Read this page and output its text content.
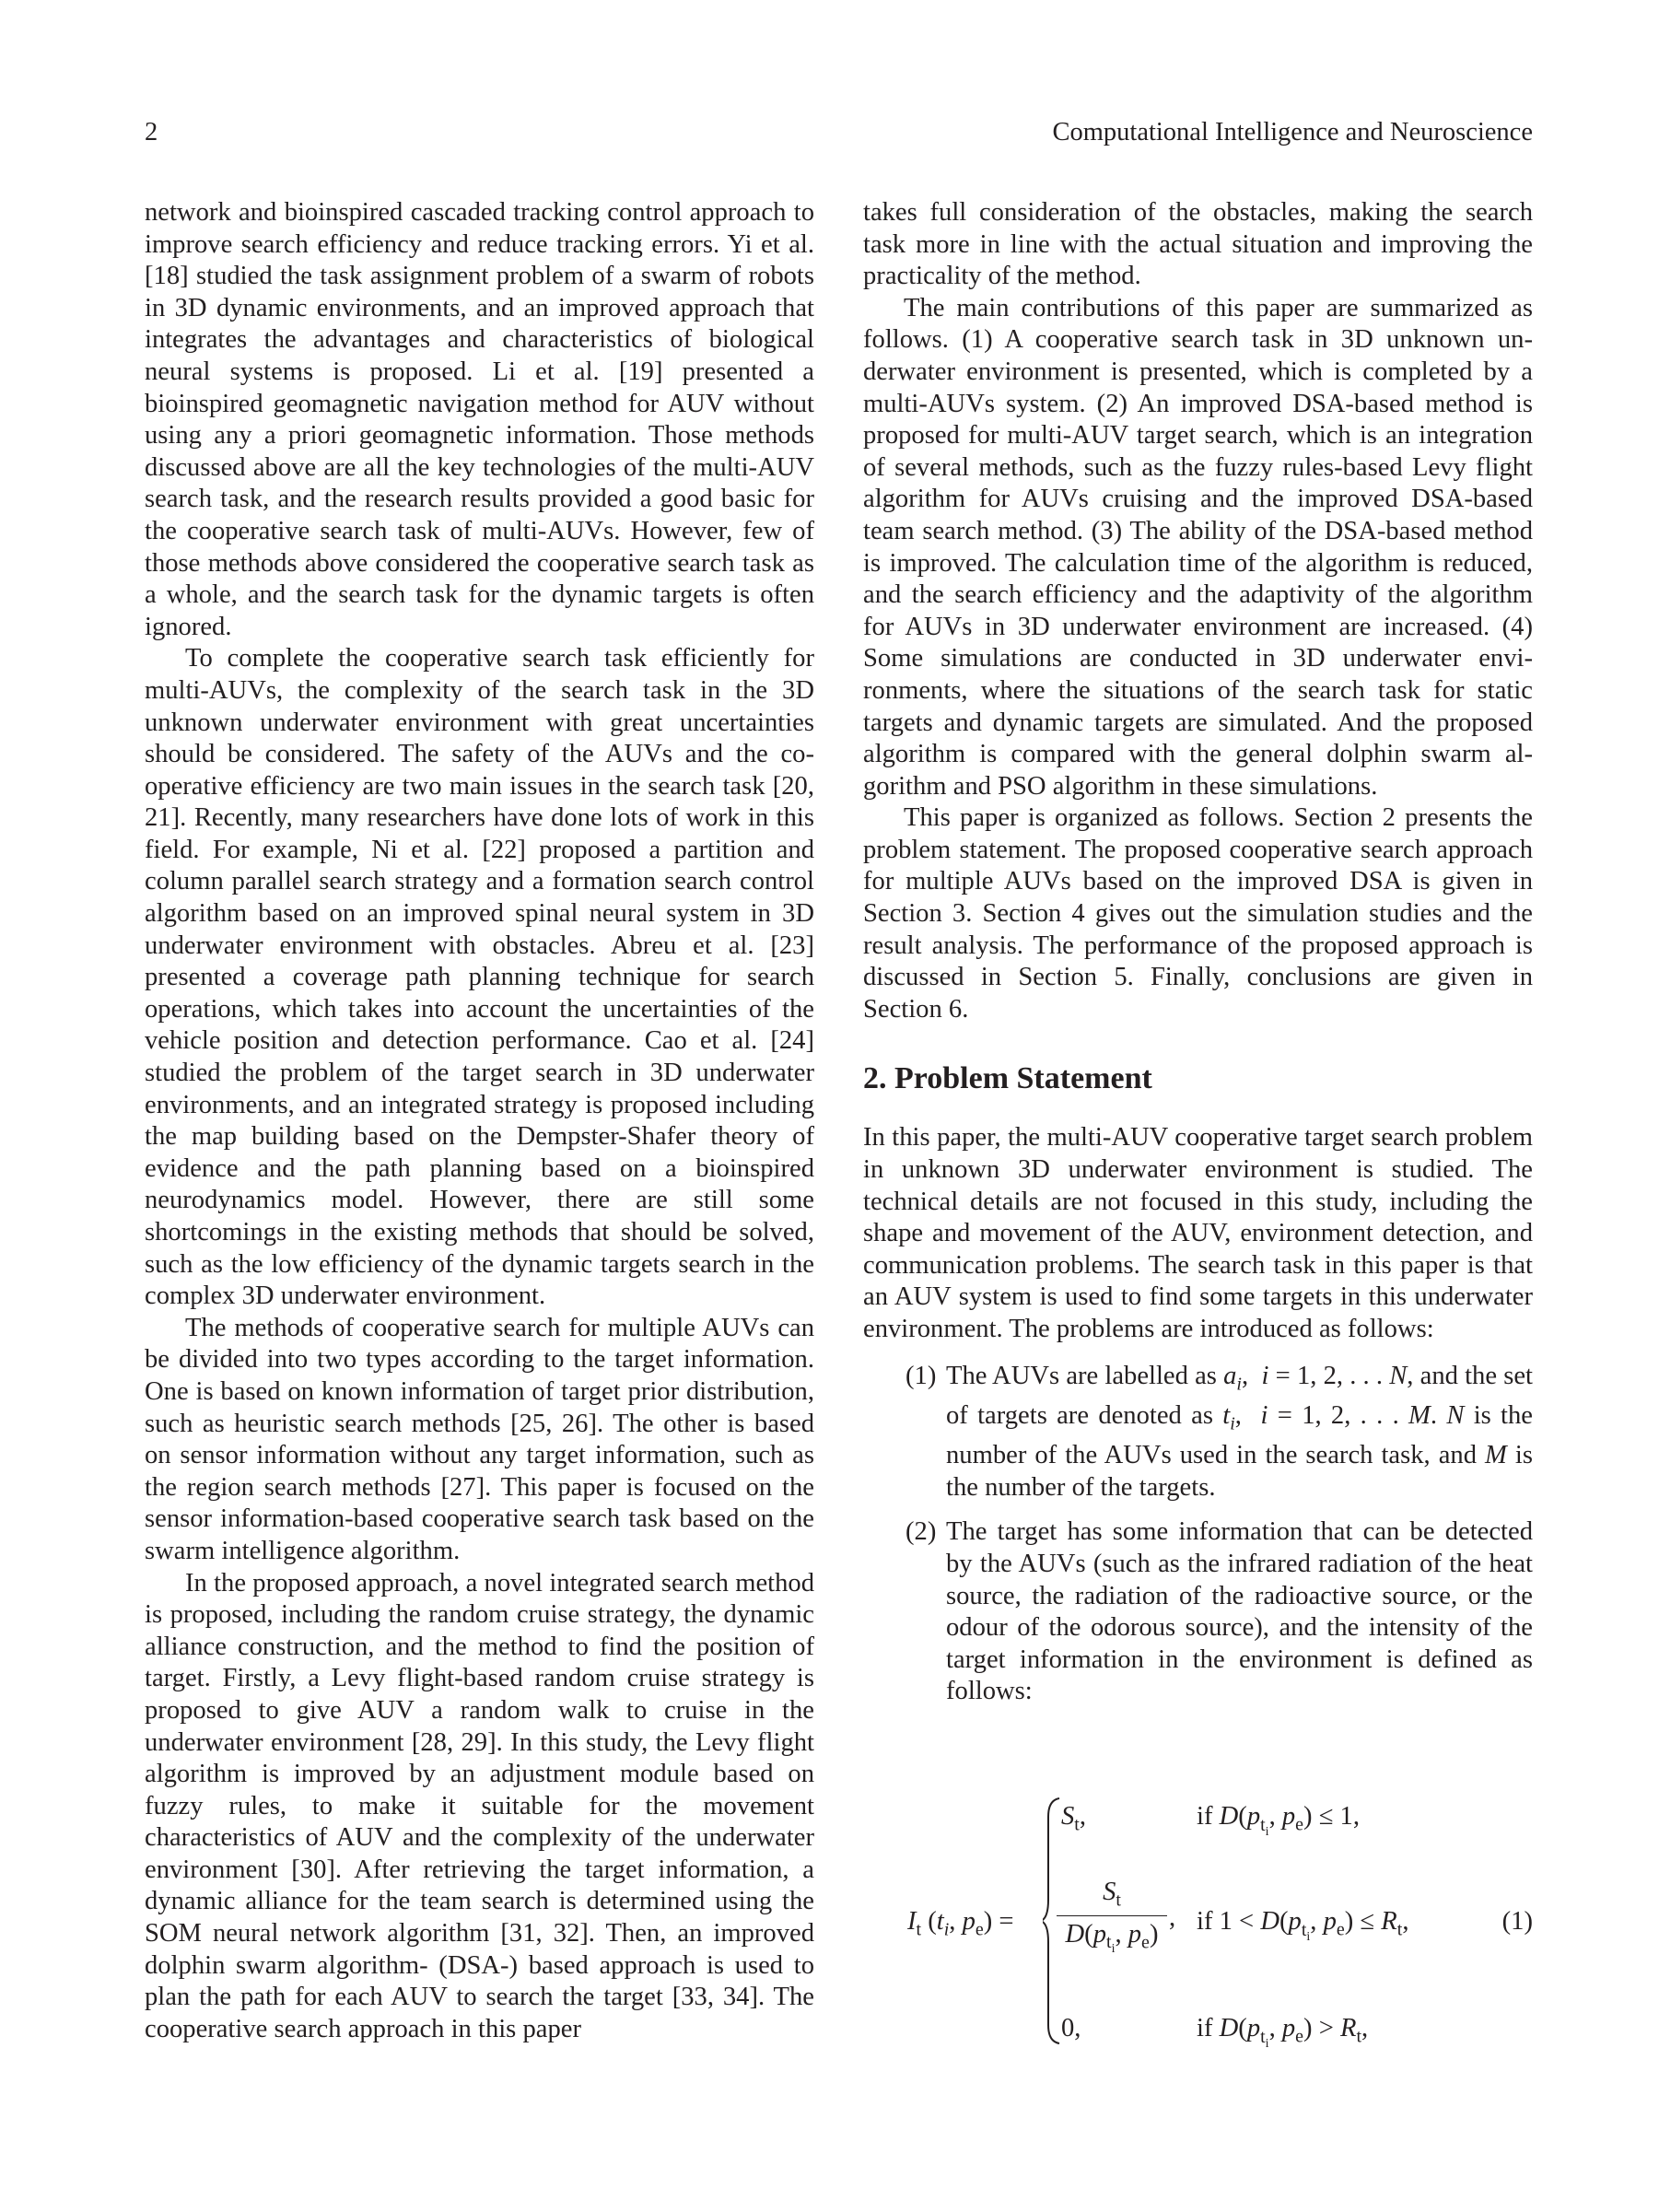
2	Computational Intelligence and Neuroscience

network and bioinspired cascaded tracking control approach to improve search efficiency and reduce tracking errors. Yi et al. [18] studied the task assignment problem of a swarm of robots in 3D dynamic environments, and an improved approach that integrates the advantages and characteristics of biological neural systems is proposed. Li et al. [19] presented a bioinspired geomagnetic navigation method for AUV without using any a priori geomagnetic information. Those methods discussed above are all the key technologies of the multi-AUV search task, and the research results provided a good basic for the cooperative search task of multi-AUVs. However, few of those methods above considered the cooperative search task as a whole, and the search task for the dynamic targets is often ignored.

To complete the cooperative search task efficiently for multi-AUVs, the complexity of the search task in the 3D unknown underwater environment with great uncertainties should be considered. The safety of the AUVs and the cooperative efficiency are two main issues in the search task [20, 21]. Recently, many researchers have done lots of work in this field. For example, Ni et al. [22] proposed a partition and column parallel search strategy and a formation search control algorithm based on an improved spinal neural system in 3D underwater environment with obstacles. Abreu et al. [23] presented a coverage path planning technique for search operations, which takes into account the uncertainties of the vehicle position and detection performance. Cao et al. [24] studied the problem of the target search in 3D underwater environments, and an integrated strategy is proposed including the map building based on the Dempster-Shafer theory of evidence and the path planning based on a bioinspired neurodynamics model. However, there are still some shortcomings in the existing methods that should be solved, such as the low efficiency of the dynamic targets search in the complex 3D underwater environment.

The methods of cooperative search for multiple AUVs can be divided into two types according to the target information. One is based on known information of target prior distribution, such as heuristic search methods [25, 26]. The other is based on sensor information without any target information, such as the region search methods [27]. This paper is focused on the sensor information-based cooperative search task based on the swarm intelligence algorithm.

In the proposed approach, a novel integrated search method is proposed, including the random cruise strategy, the dynamic alliance construction, and the method to find the position of target. Firstly, a Levy flight-based random cruise strategy is proposed to give AUV a random walk to cruise in the underwater environment [28, 29]. In this study, the Levy flight algorithm is improved by an adjustment module based on fuzzy rules, to make it suitable for the movement characteristics of AUV and the complexity of the underwater environment [30]. After retrieving the target information, a dynamic alliance for the team search is determined using the SOM neural network algorithm [31, 32]. Then, an improved dolphin swarm algorithm- (DSA-) based approach is used to plan the path for each AUV to search the target [33, 34]. The cooperative search approach in this paper

takes full consideration of the obstacles, making the search task more in line with the actual situation and improving the practicality of the method.

The main contributions of this paper are summarized as follows. (1) A cooperative search task in 3D unknown underwater environment is presented, which is completed by a multi-AUVs system. (2) An improved DSA-based method is proposed for multi-AUV target search, which is an integration of several methods, such as the fuzzy rules-based Levy flight algorithm for AUVs cruising and the improved DSA-based team search method. (3) The ability of the DSA-based method is improved. The calculation time of the algorithm is reduced, and the search efficiency and the adaptivity of the algorithm for AUVs in 3D underwater environment are increased. (4) Some simulations are conducted in 3D underwater environments, where the situations of the search task for static targets and dynamic targets are simulated. And the proposed algorithm is compared with the general dolphin swarm algorithm and PSO algorithm in these simulations.

This paper is organized as follows. Section 2 presents the problem statement. The proposed cooperative search approach for multiple AUVs based on the improved DSA is given in Section 3. Section 4 gives out the simulation studies and the result analysis. The performance of the proposed approach is discussed in Section 5. Finally, conclusions are given in Section 6.

2. Problem Statement

In this paper, the multi-AUV cooperative target search problem in unknown 3D underwater environment is studied. The technical details are not focused in this study, including the shape and movement of the AUV, environment detection, and communication problems. The search task in this paper is that an AUV system is used to find some targets in this underwater environment. The problems are introduced as follows:

(1) The AUVs are labelled as $a_i$,  i = 1, 2, . . . N, and the set of targets are denoted as $t_i$,  i = 1, 2, . . . M. N is the number of the AUVs used in the search task, and M is the number of the targets.
(2) The target has some information that can be detected by the AUVs (such as the infrared radiation of the heat source, the radiation of the radioactive source, or the odour of the odorous source), and the intensity of the target information in the environment is defined as follows:
$I_t$ ($t_i$, $p_e$) =
$S_t$,	if $D(p_{t_i}$, $p_e) \le 1$,
$S_t$
$D(p_{t_i}$, $p_e$)
, if $1 < D(p_{t_i}$, $p_e) \le R_t$,
0,	if $D(p_{t_i}$, $p_e) > R_t$,
(1)
